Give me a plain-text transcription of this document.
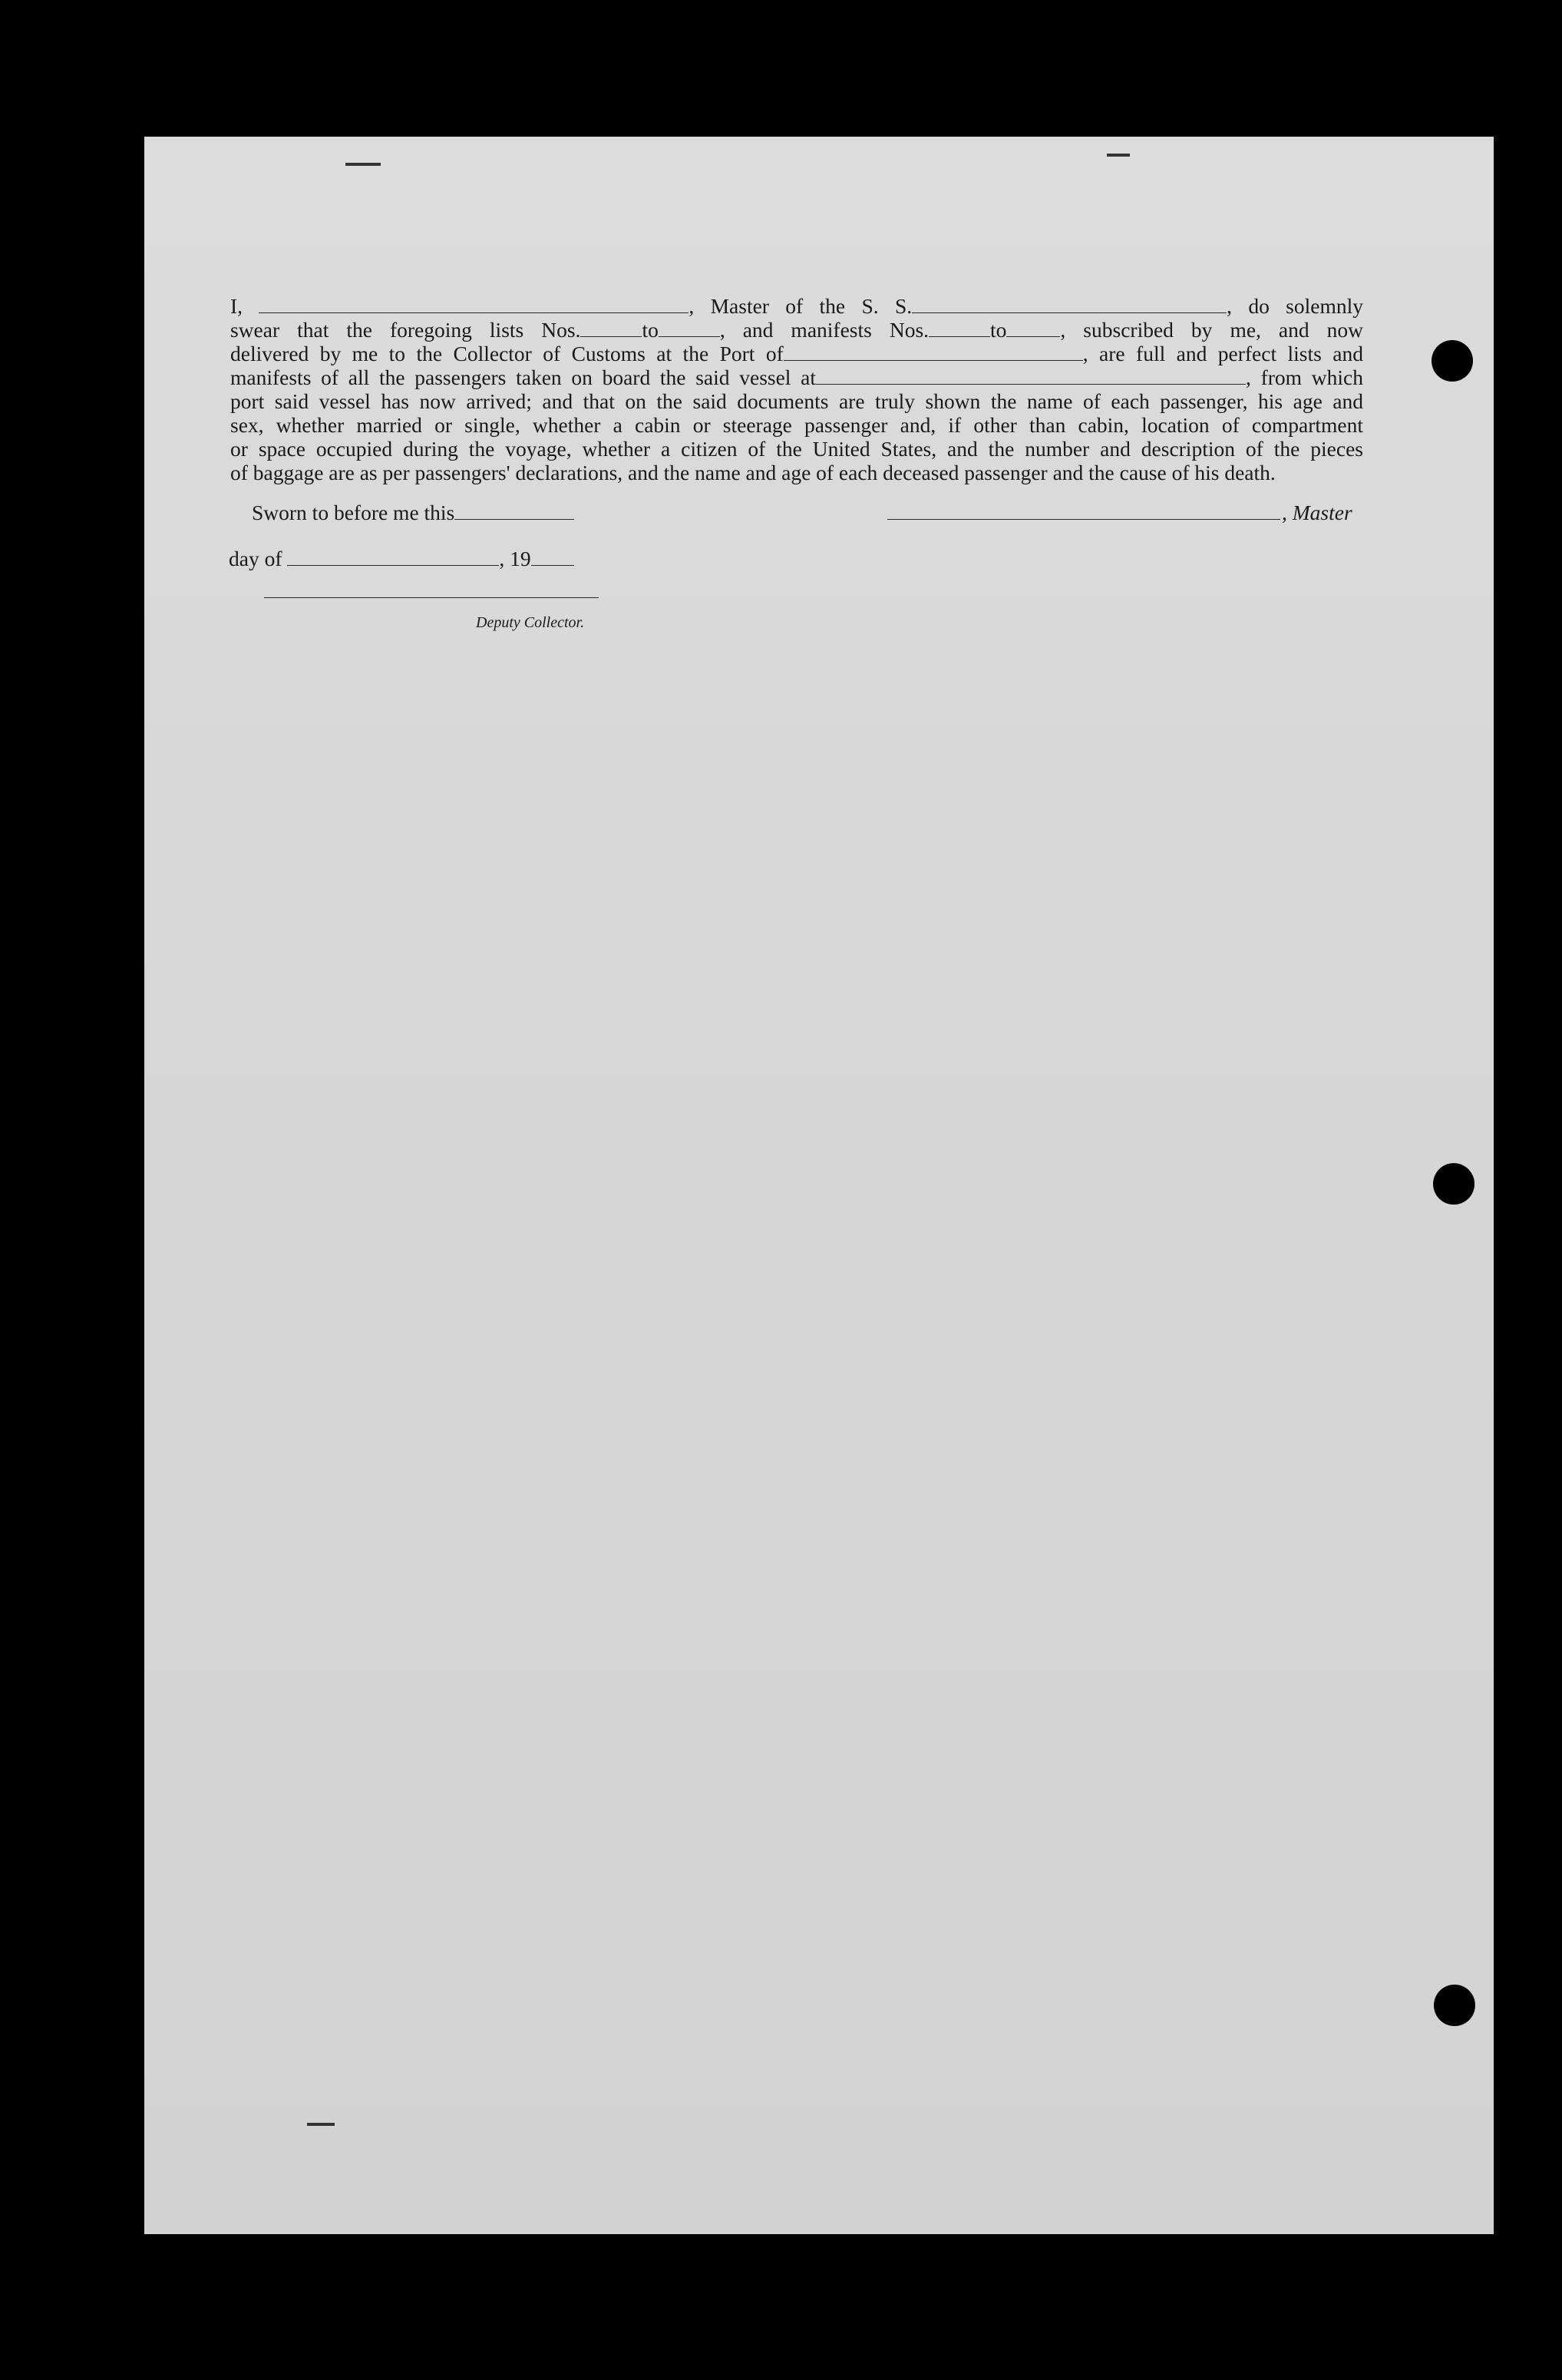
I,	, Master of the S. S.	, do solemnly
swear that the foregoing lists Nos.	to	, and manifests Nos.	to	, subscribed by me, and now
delivered by me to the Collector of Customs at the Port of	, are full and perfect lists and
manifests of all the passengers taken on board the said vessel at	, from which
port said vessel has now arrived; and that on the said documents are truly shown the name of each passenger, his age and
sex, whether married or single, whether a cabin or steerage passenger and, if other than cabin, location of compartment
or space occupied during the voyage, whether a citizen of the United States, and the number and description of the pieces
of baggage are as per passengers' declarations, and the name and age of each deceased passenger and the cause of his death.
Sworn to before me this	, Master
day of	, 19
Deputy Collector.
